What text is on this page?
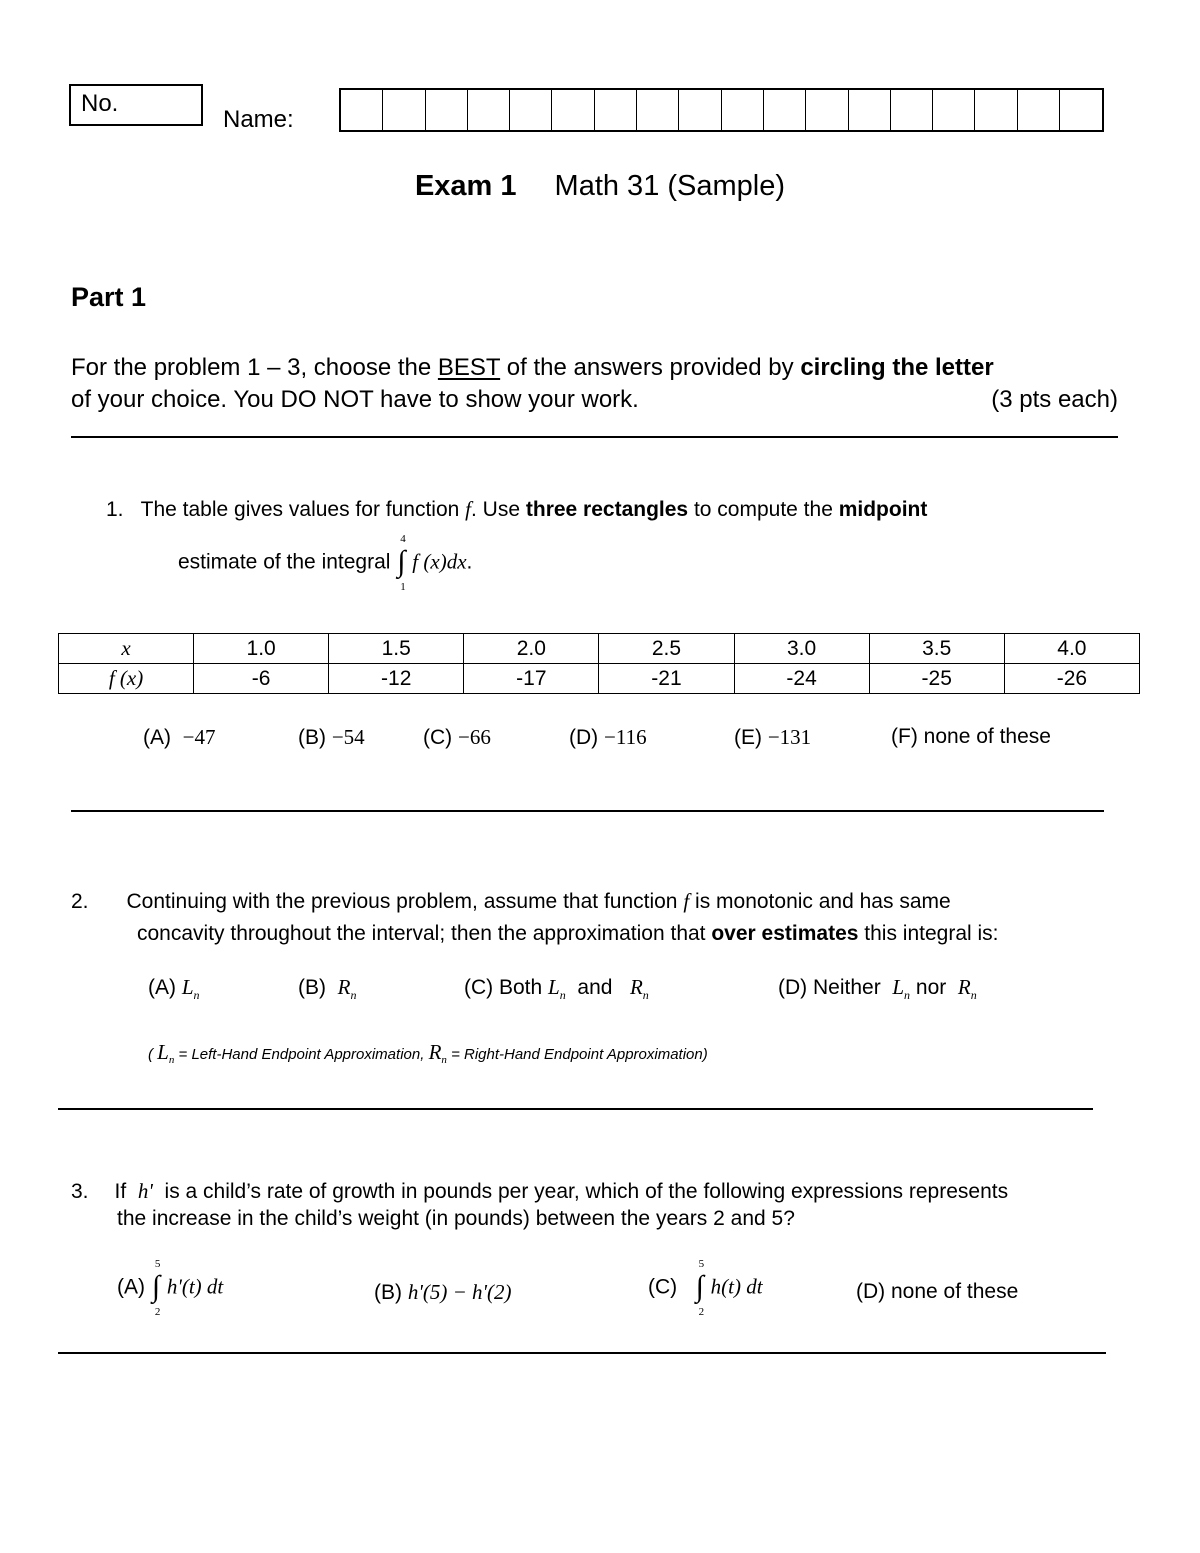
No.
Name:
Exam 1 Math 31 (Sample)
Part 1
For the problem 1 – 3, choose the BEST of the answers provided by circling the letter
of your choice. You DO NOT have to show your work.	(3 pts each)
1. The table gives values for function f. Use three rectangles to compute the midpoint
estimate of the integral ∫
4
1
f (x)dx.
x	1.0	1.5	2.0	2.5	3.0	3.5	4.0
f (x)	-6	-12	-17	-21	-24	-25	-26
(A) −47	(B) −54	(C) −66	(D) −116	(E) −131	(F) none of these
2. Continuing with the previous problem, assume that function f is monotonic and has same
concavity throughout the interval; then the approximation that over estimates this integral is:
(A) $L_n$	(B) $R_n$	(C) Both $L_n$ and $R_n$	(D) Neither $L_n$ nor $R_n$
( $L_n$ = Left-Hand Endpoint Approximation, $R_n$ = Right-Hand Endpoint Approximation)
3. If h' is a child’s rate of growth in pounds per year, which of the following expressions represents
the increase in the child’s weight (in pounds) between the years 2 and 5?
(A) ∫
5
2
h'(t) dt	(B) h'(5) − h'(2)	(C) ∫
5
2
h(t) dt	(D) none of these
